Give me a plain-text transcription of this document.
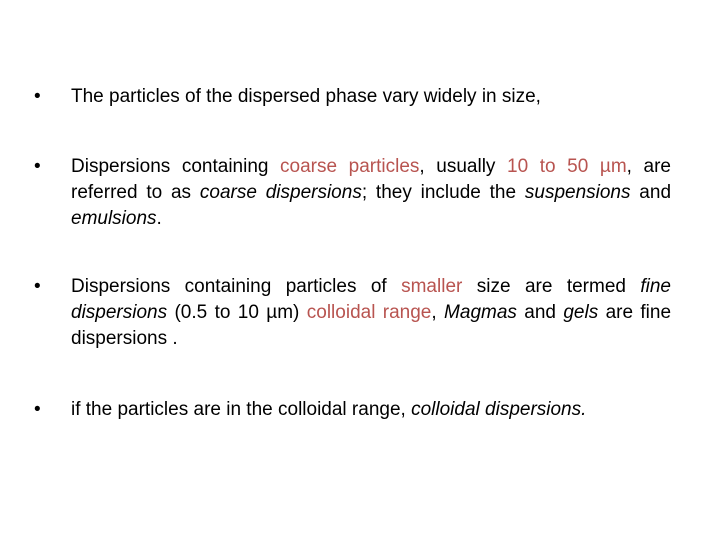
•	The particles of the dispersed phase vary widely in size,
•	Dispersions containing coarse particles, usually 10 to 50 µm, are referred to as coarse dispersions; they include the suspensions and emulsions.
•	Dispersions containing particles of smaller size are termed fine dispersions (0.5 to 10 µm) colloidal range, Magmas and gels are fine dispersions .
•	if the particles are in the colloidal range, colloidal dispersions.
